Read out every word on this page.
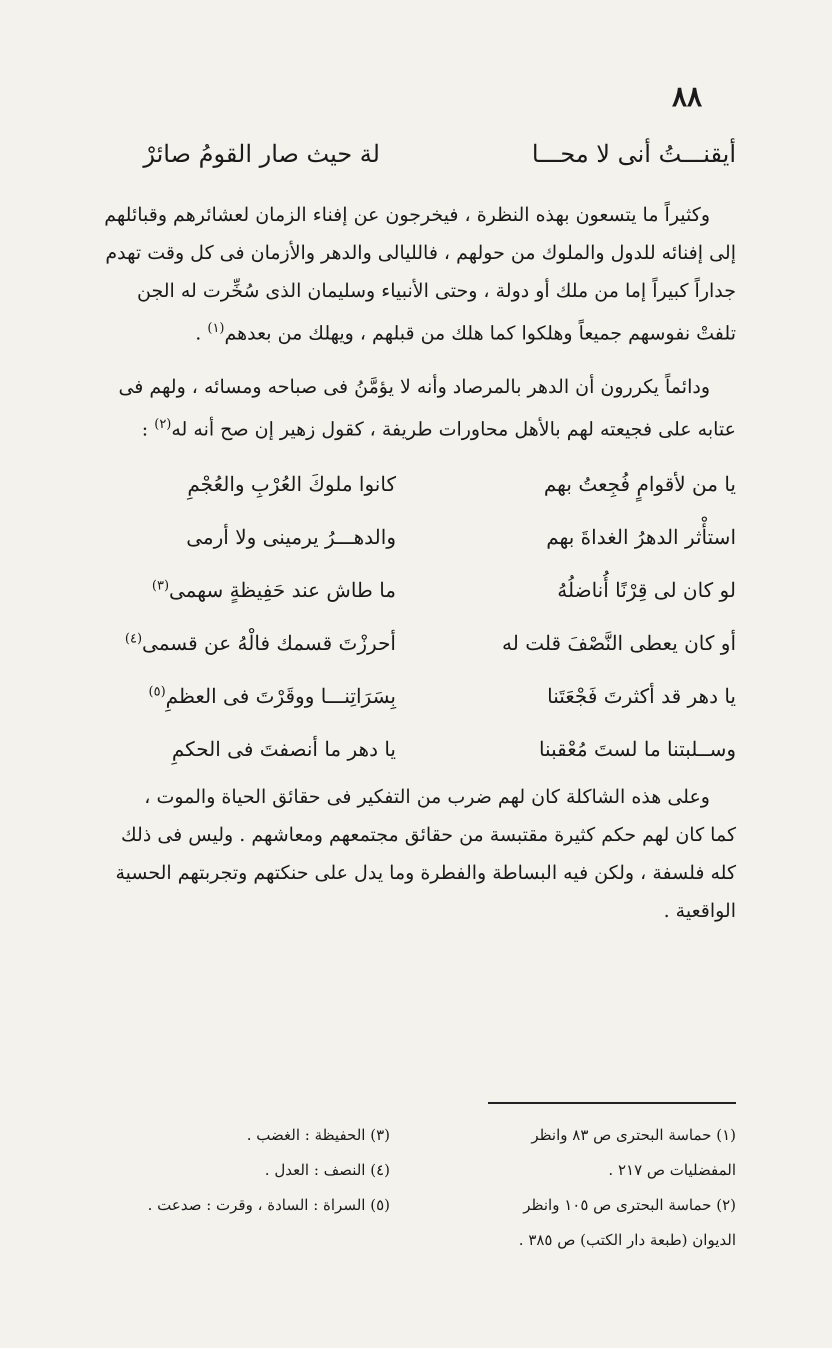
٨٨
أيقنـــتُ أنى لا محـــا
لة حيث صار القومُ صائرْ

وكثيراً ما يتسعون بهذه النظرة ، فيخرجون عن إفناء الزمان لعشائرهم وقبائلهم

إلى إفنائه للدول والملوك من حولهم ، فالليالى والدهر والأزمان فى كل وقت تهدم

جداراً كبيراً إما من ملك أو دولة ، وحتى الأنبياء وسليمان الذى سُخِّرت له الجن

تلفتْ نفوسهم جميعاً وهلكوا كما هلك من قبلهم ، ويهلك من بعدهم$^{(١)}$ .

ودائماً يكررون أن الدهر بالمرصاد وأنه لا يؤمَّنُ فى صباحه ومسائه ، ولهم فى

عتابه على فجيعته لهم بالأهل محاورات طريفة ، كقول زهير إن صح أنه له$^{(٢)}$ :

يا من لأقوامٍ فُجِعتُ بهم
كانوا ملوكَ العُرْبِ والعُجْمِ
استأْثر الدهرُ الغداةَ بهم
والدهـــرُ يرمينى ولا أرمى
لو كان لى قِرْنًا أُناضلُهُ
ما طاش عند حَفِيظةٍ سهمى$^{(٣)}$
أو كان يعطى النَّصْفَ قلت له
أحرزْتَ قسمك فالْهُ عن قسمى$^{(٤)}$
يا دهر قد أكثرتَ فَجْعَتَنا
بِسَرَاتِنـــا ووقَرْتَ فى العظمِ$^{(٥)}$
وســلبتنا ما لستَ مُعْقبنا
يا دهر ما أنصفتَ فى الحكمِ

وعلى هذه الشاكلة كان لهم ضرب من التفكير فى حقائق الحياة والموت ،

كما كان لهم حكم كثيرة مقتبسة من حقائق مجتمعهم ومعاشهم . وليس فى ذلك

كله فلسفة ، ولكن فيه البساطة والفطرة وما يدل على حنكتهم وتجربتهم الحسية

الواقعية .

(١) حماسة البحترى ص ٨٣ وانظر
المفضليات ص ٢١٧ .
(٢) حماسة البحترى ص ١٠٥ وانظر
الديوان (طبعة دار الكتب) ص ٣٨٥ .
(٣) الحفيظة : الغضب .
(٤) النصف : العدل .
(٥) السراة : السادة ، وقرت : صدعت .
